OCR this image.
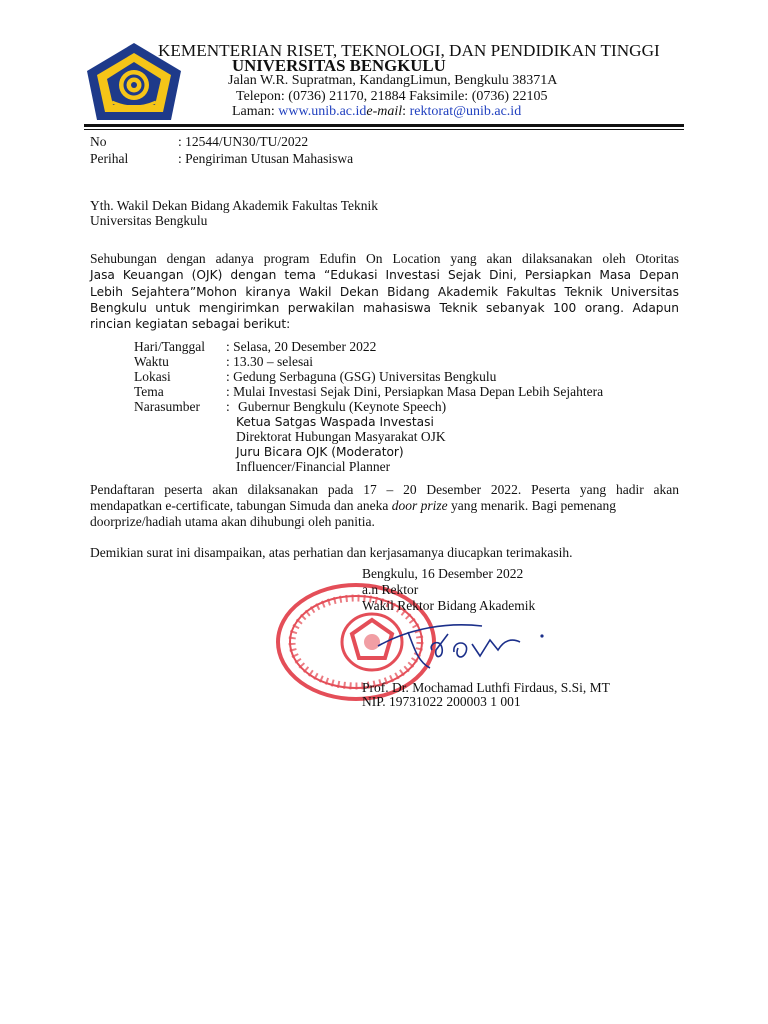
KEMENTERIAN RISET, TEKNOLOGI, DAN PENDIDIKAN TINGGI
UNIVERSITAS BENGKULU
Jalan W.R. Supratman, KandangLimun, Bengkulu 38371A
Telepon: (0736) 21170, 21884 Faksimile: (0736) 22105
Laman: www.unib.ac.ide-mail: rektorat@unib.ac.id
No	: 12544/UN30/TU/2022
Perihal	: Pengiriman Utusan Mahasiswa
Yth. Wakil Dekan Bidang Akademik Fakultas Teknik
Universitas Bengkulu
Sehubungan dengan adanya program Edufin On Location yang akan dilaksanakan oleh Otoritas
Jasa Keuangan (OJK) dengan tema “Edukasi Investasi Sejak Dini, Persiapkan Masa Depan
Lebih Sejahtera”Mohon kiranya Wakil Dekan Bidang Akademik Fakultas Teknik Universitas
Bengkulu untuk mengirimkan perwakilan mahasiswa Teknik sebanyak 100 orang. Adapun
rincian kegiatan sebagai berikut:
Hari/Tanggal : Selasa, 20 Desember 2022
Waktu	: 13.30 – selesai
Lokasi	: Gedung Serbaguna (GSG) Universitas Bengkulu
Tema	: Mulai Investasi Sejak Dini, Persiapkan Masa Depan Lebih Sejahtera
Narasumber : Gubernur Bengkulu (Keynote Speech)
Ketua Satgas Waspada Investasi
Direktorat Hubungan Masyarakat OJK
Juru Bicara OJK (Moderator)
Influencer/Financial Planner
Pendaftaran peserta akan dilaksanakan pada 17 – 20 Desember 2022. Peserta yang hadir akan
mendapatkan e-certificate, tabungan Simuda dan aneka door prize yang menarik. Bagi pemenang
doorprize/hadiah utama akan dihubungi oleh panitia.
Demikian surat ini disampaikan, atas perhatian dan kerjasamanya diucapkan terimakasih.
Bengkulu, 16 Desember 2022
a.n Rektor
Wakil Rektor Bidang Akademik
Prof. Dr. Mochamad Luthfi Firdaus, S.Si, MT
NIP. 19731022 200003 1 001
